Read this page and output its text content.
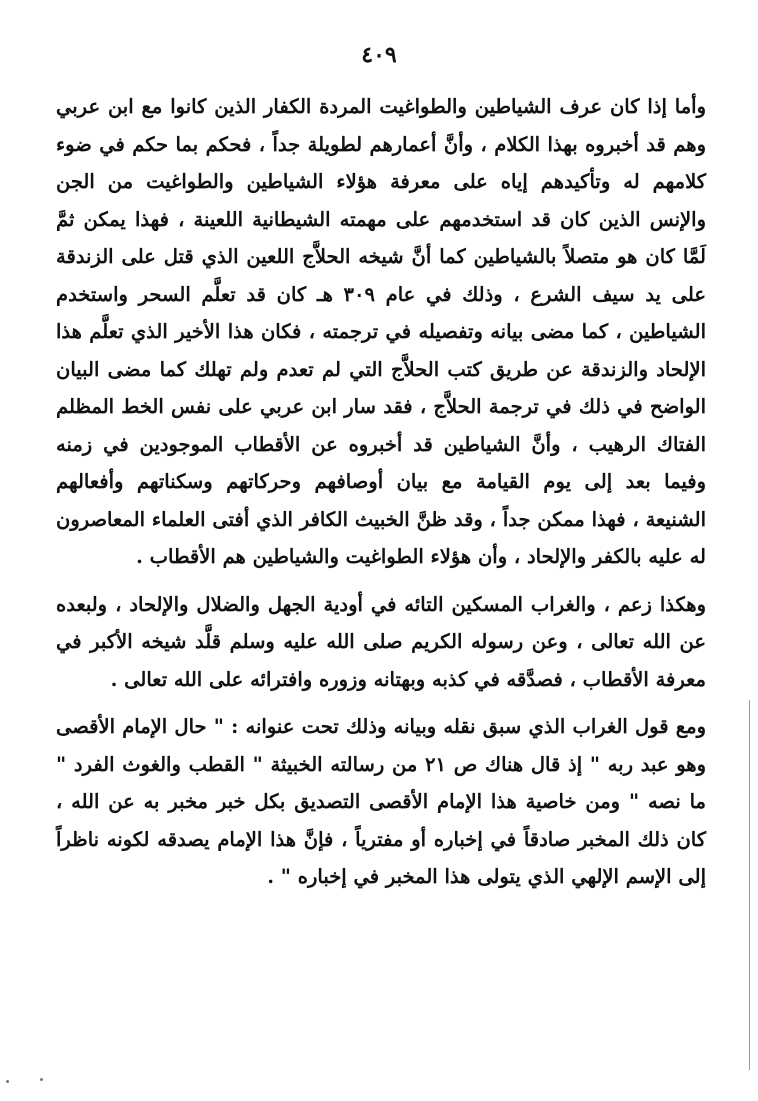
٤٠٩

وأما إذا كان عرف الشياطين والطواغيت المردة الكفار الذين كانوا مع ابن عربي وهم قد أخبروه بهذا الكلام ، وأنَّ أعمارهم لطويلة جداً ، فحكم بما حكم في ضوء كلامهم له وتأكيدهم إياه على معرفة هؤلاء الشياطين والطواغيت من الجن والإنس الذين كان قد استخدمهم على مهمته الشيطانية اللعينة ، فهذا يمكن ثمَّ لَمَّا كان هو متصلاً بالشياطين كما أنَّ شيخه الحلاَّج اللعين الذي قتل على الزندقة على يد سيف الشرع ، وذلك في عام ٣٠٩ هـ كان قد تعلَّم السحر واستخدم الشياطين ، كما مضى بيانه وتفصيله في ترجمته ، فكان هذا الأخير الذي تعلَّم هذا الإلحاد والزندقة عن طريق كتب الحلاَّج التي لم تعدم ولم تهلك كما مضى البيان الواضح في ذلك في ترجمة الحلاَّج ، فقد سار ابن عربي على نفس الخط المظلم الفتاك الرهيب ، وأنَّ الشياطين قد أخبروه عن الأقطاب الموجودين في زمنه وفيما بعد إلى يوم القيامة مع بيان أوصافهم وحركاتهم وسكناتهم وأفعالهم الشنيعة ، فهذا ممكن جداً ، وقد ظنَّ الخبيث الكافر الذي أفتى العلماء المعاصرون له عليه بالكفر والإلحاد ، وأن هؤلاء الطواغيت والشياطين هم الأقطاب .

وهكذا زعم ، والغراب المسكين التائه في أودية الجهل والضلال والإلحاد ، ولبعده عن الله تعالى ، وعن رسوله الكريم صلى الله عليه وسلم قلَّد شيخه الأكبر في معرفة الأقطاب ، فصدَّقه في كذبه وبهتانه وزوره وافترائه على الله تعالى .

ومع قول الغراب الذي سبق نقله وبيانه وذلك تحت عنوانه : " حال الإمام الأقصى وهو عبد ربه " إذ قال هناك ص ٢١ من رسالته الخبيثة " القطب والغوث الفرد " ما نصه " ومن خاصية هذا الإمام الأقصى التصديق بكل خبر مخبر به عن الله ، كان ذلك المخبر صادقاً في إخباره أو مفترياً ، فإنَّ هذا الإمام يصدقه لكونه ناظراً إلى الإسم الإلهي الذي يتولى هذا المخبر في إخباره " .
